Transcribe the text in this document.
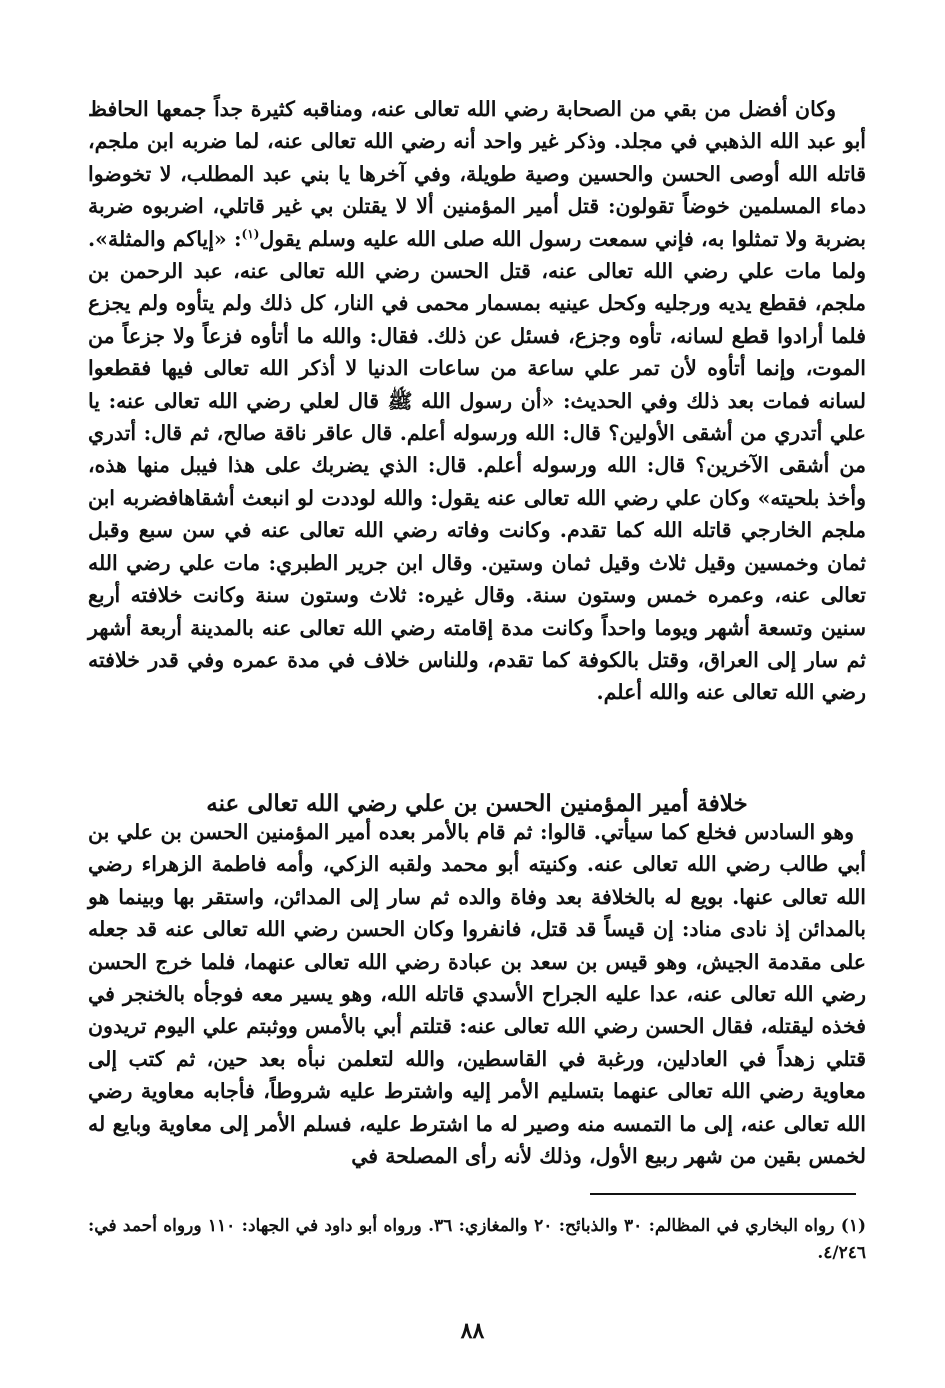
وكان أفضل من بقي من الصحابة رضي الله تعالى عنه، ومناقبه كثيرة جداً جمعها الحافظ أبو عبد الله الذهبي في مجلد. وذكر غير واحد أنه رضي الله تعالى عنه، لما ضربه ابن ملجم، قاتله الله أوصى الحسن والحسين وصية طويلة، وفي آخرها يا بني عبد المطلب، لا تخوضوا دماء المسلمين خوضاً تقولون: قتل أمير المؤمنين ألا لا يقتلن بي غير قاتلي، اضربوه ضربة بضربة ولا تمثلوا به، فإني سمعت رسول الله صلى الله عليه وسلم يقول$^{(١)}$: «إياكم والمثلة». ولما مات علي رضي الله تعالى عنه، قتل الحسن رضي الله تعالى عنه، عبد الرحمن بن ملجم، فقطع يديه ورجليه وكحل عينيه بمسمار محمى في النار، كل ذلك ولم يتأوه ولم يجزع فلما أرادوا قطع لسانه، تأوه وجزع، فسئل عن ذلك. فقال: والله ما أتأوه فزعاً ولا جزعاً من الموت، وإنما أتأوه لأن تمر علي ساعة من ساعات الدنيا لا أذكر الله تعالى فيها فقطعوا لسانه فمات بعد ذلك وفي الحديث: «أن رسول الله ﷺ قال لعلي رضي الله تعالى عنه: يا علي أتدري من أشقى الأولين؟ قال: الله ورسوله أعلم. قال عاقر ناقة صالح، ثم قال: أتدري من أشقى الآخرين؟ قال: الله ورسوله أعلم. قال: الذي يضربك على هذا فيبل منها هذه، وأخذ بلحيته» وكان علي رضي الله تعالى عنه يقول: والله لوددت لو انبعث أشقاهافضربه ابن ملجم الخارجي قاتله الله كما تقدم. وكانت وفاته رضي الله تعالى عنه في سن سبع وقبل ثمان وخمسين وقيل ثلاث وقيل ثمان وستين. وقال ابن جرير الطبري: مات علي رضي الله تعالى عنه، وعمره خمس وستون سنة. وقال غيره: ثلاث وستون سنة وكانت خلافته أربع سنين وتسعة أشهر ويوما واحداً وكانت مدة إقامته رضي الله تعالى عنه بالمدينة أربعة أشهر ثم سار إلى العراق، وقتل بالكوفة كما تقدم، وللناس خلاف في مدة عمره وفي قدر خلافته رضي الله تعالى عنه والله أعلم.

خلافة أمير المؤمنين الحسن بن علي رضي الله تعالى عنه

وهو السادس فخلع كما سيأتي. قالوا: ثم قام بالأمر بعده أمير المؤمنين الحسن بن علي بن أبي طالب رضي الله تعالى عنه. وكنيته أبو محمد ولقبه الزكي، وأمه فاطمة الزهراء رضي الله تعالى عنها. بويع له بالخلافة بعد وفاة والده ثم سار إلى المدائن، واستقر بها وبينما هو بالمدائن إذ نادى مناد: إن قيساً قد قتل، فانفروا وكان الحسن رضي الله تعالى عنه قد جعله على مقدمة الجيش، وهو قيس بن سعد بن عبادة رضي الله تعالى عنهما، فلما خرج الحسن رضي الله تعالى عنه، عدا عليه الجراح الأسدي قاتله الله، وهو يسير معه فوجأه بالخنجر في فخذه ليقتله، فقال الحسن رضي الله تعالى عنه: قتلتم أبي بالأمس ووثبتم علي اليوم تريدون قتلي زهداً في العادلين، ورغبة في القاسطين، والله لتعلمن نبأه بعد حين، ثم كتب إلى معاوية رضي الله تعالى عنهما بتسليم الأمر إليه واشترط عليه شروطاً، فأجابه معاوية رضي الله تعالى عنه، إلى ما التمسه منه وصير له ما اشترط عليه، فسلم الأمر إلى معاوية وبايع له لخمس بقين من شهر ربيع الأول، وذلك لأنه رأى المصلحة في

(١) رواه البخاري في المظالم: ٣٠ والذبائح: ٢٠ والمغازي: ٣٦. ورواه أبو داود في الجهاد: ١١٠ ورواه أحمد في: ٤/٢٤٦.

٨٨
